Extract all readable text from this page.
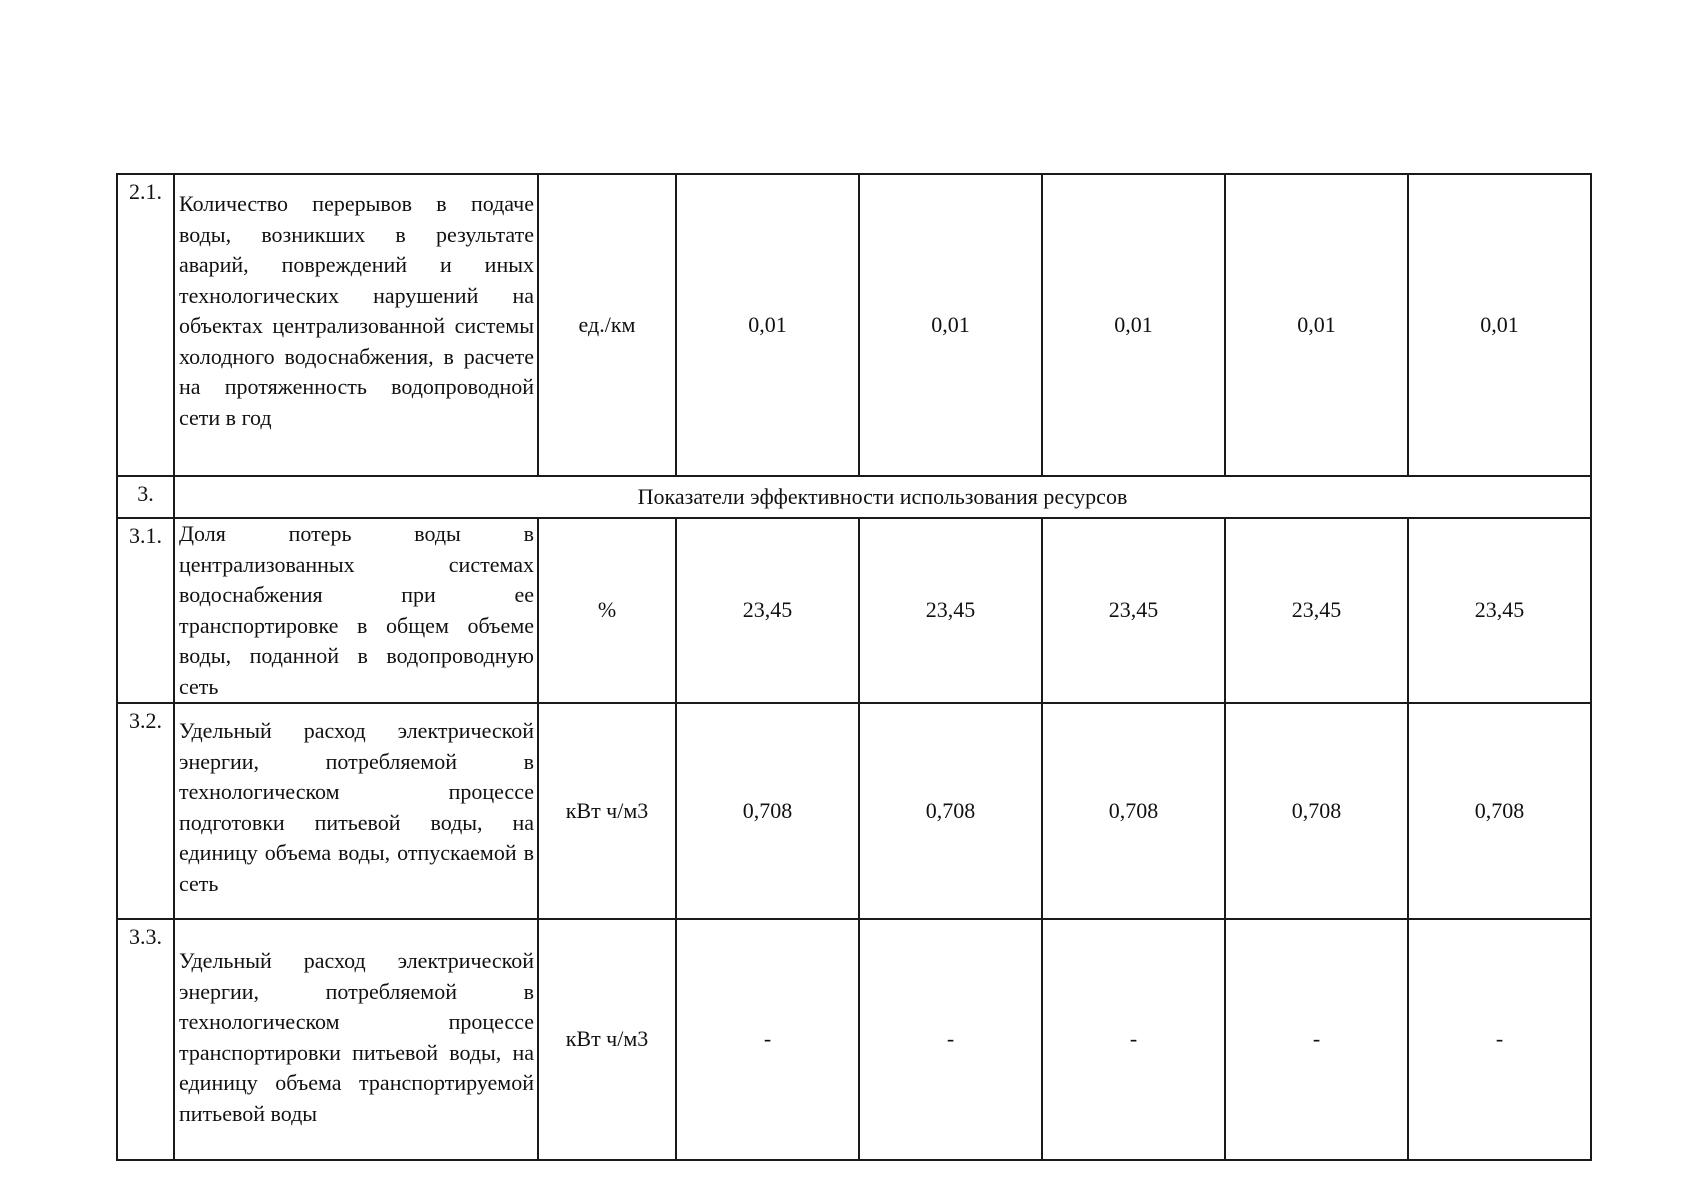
2.1.	Количество перерывов в подаче воды, возникших в результате аварий, повреждений и иных технологических нарушений на объектах централизованной системы холодного водоснабжения, в расчете на протяженность водопроводной сети в год	ед./км	0,01	0,01	0,01	0,01	0,01
3.	Показатели эффективности использования ресурсов						
3.1.	Доля потерь воды в централизованных системах водоснабжения при ее транспортировке в общем объеме воды, поданной в водопроводную сеть	%	23,45	23,45	23,45	23,45	23,45
3.2.	Удельный расход электрической энергии, потребляемой в технологическом процессе подготовки питьевой воды, на единицу объема воды, отпускаемой в сеть	кВт ч/м3	0,708	0,708	0,708	0,708	0,708
3.3.	Удельный расход электрической энергии, потребляемой в технологическом процессе транспортировки питьевой воды, на единицу объема транспортируемой питьевой воды	кВт ч/м3	-	-	-	-	-
